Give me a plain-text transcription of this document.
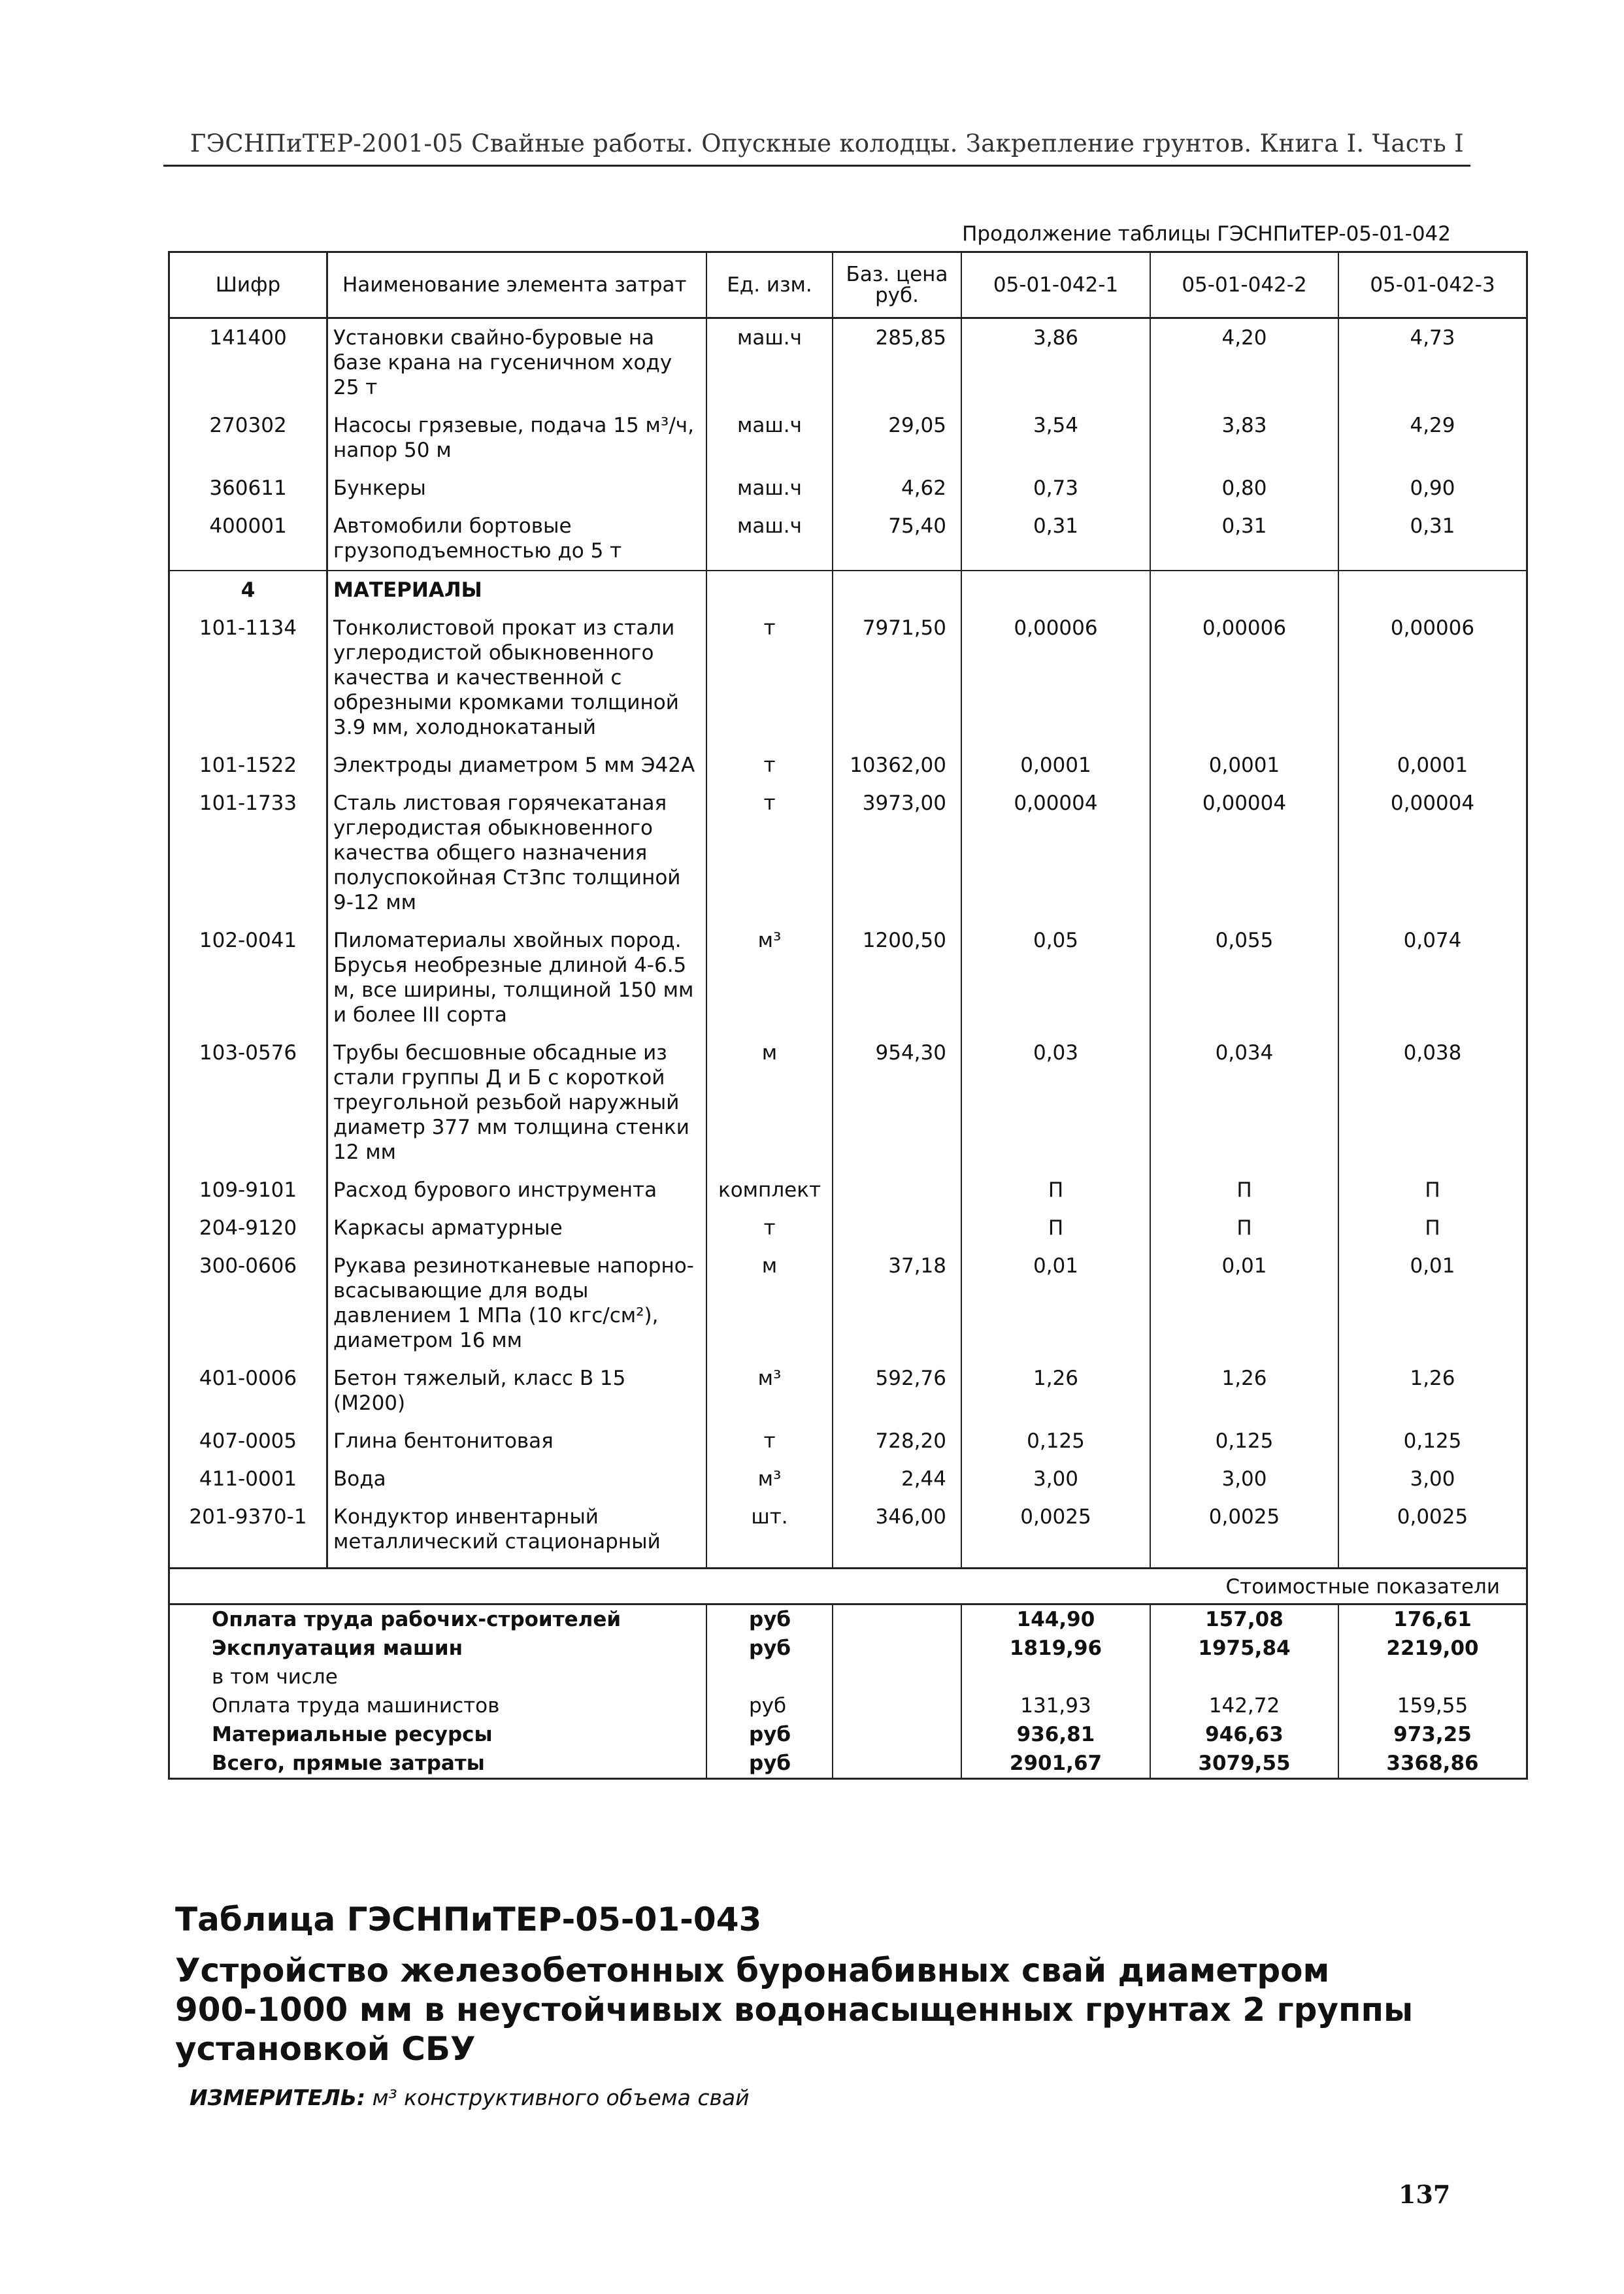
ГЭСНПиТЕР-2001-05 Свайные работы. Опускные колодцы. Закрепление грунтов. Книга I. Часть I
Продолжение таблицы ГЭСНПиТЕР-05-01-042
Шифр	Наименование элемента затрат	Ед. изм.	Баз. цена руб.	05-01-042-1	05-01-042-2	05-01-042-3
141400	Установки свайно-буровые на базе крана на гусеничном ходу 25 т	маш.ч	285,85	3,86	4,20	4,73
270302	Насосы грязевые, подача 15 м³/ч, напор 50 м	маш.ч	29,05	3,54	3,83	4,29
360611	Бункеры	маш.ч	4,62	0,73	0,80	0,90
400001	Автомобили бортовые грузоподъемностью до 5 т	маш.ч	75,40	0,31	0,31	0,31
4	МАТЕРИАЛЫ					
101-1134	Тонколистовой прокат из стали углеродистой обыкновенного качества и качественной с обрезными кромками толщиной 3.9 мм, холоднокатаный	т	7971,50	0,00006	0,00006	0,00006
101-1522	Электроды диаметром 5 мм Э42А	т	10362,00	0,0001	0,0001	0,0001
101-1733	Сталь листовая горячекатаная углеродистая обыкновенного качества общего назначения полуспокойная Ст3пс толщиной 9-12 мм	т	3973,00	0,00004	0,00004	0,00004
102-0041	Пиломатериалы хвойных пород. Брусья необрезные длиной 4-6.5 м, все ширины, толщиной 150 мм и более III сорта	м³	1200,50	0,05	0,055	0,074
103-0576	Трубы бесшовные обсадные из стали группы Д и Б с короткой треугольной резьбой наружный диаметр 377 мм толщина стенки 12 мм	м	954,30	0,03	0,034	0,038
109-9101	Расход бурового инструмента	комплект		П	П	П
204-9120	Каркасы арматурные	т		П	П	П
300-0606	Рукава резинотканевые напорно-всасывающие для воды давлением 1 МПа (10 кгс/см²), диаметром 16 мм	м	37,18	0,01	0,01	0,01
401-0006	Бетон тяжелый, класс В 15 (М200)	м³	592,76	1,26	1,26	1,26
407-0005	Глина бентонитовая	т	728,20	0,125	0,125	0,125
411-0001	Вода	м³	2,44	3,00	3,00	3,00
201-9370-1	Кондуктор инвентарный металлический стационарный	шт.	346,00	0,0025	0,0025	0,0025
Стоимостные показатели						
Оплата труда рабочих-строителей		руб		144,90	157,08	176,61
Эксплуатация машин		руб		1819,96	1975,84	2219,00
в том числе						
Оплата труда машинистов		руб		131,93	142,72	159,55
Материальные ресурсы		руб		936,81	946,63	973,25
Всего, прямые затраты		руб		2901,67	3079,55	3368,86
Таблица ГЭСНПиТЕР-05-01-043
Устройство железобетонных буронабивных свай диаметром 900-1000 мм в неустойчивых водонасыщенных грунтах 2 группы установкой СБУ
ИЗМЕРИТЕЛЬ: м³ конструктивного объема свай
137
